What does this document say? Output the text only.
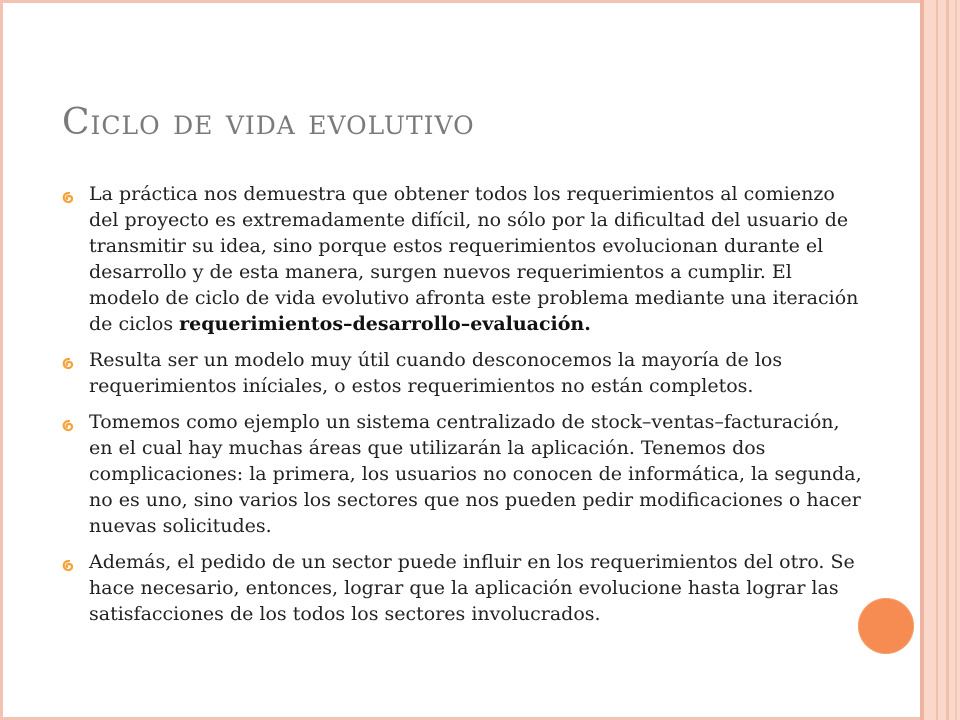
Ciclo de vida evolutivo
La práctica nos demuestra que obtener todos los requerimientos al comienzo del proyecto es extremadamente difícil, no sólo por la dificultad del usuario de transmitir su idea, sino porque estos requerimientos evolucionan durante el desarrollo y de esta manera, surgen nuevos requerimientos a cumplir. El modelo de ciclo de vida evolutivo afronta este problema mediante una iteración de ciclos requerimientos–desarrollo–evaluación.
Resulta ser un modelo muy útil cuando desconocemos la mayoría de los requerimientos iníciales, o estos requerimientos no están completos.
Tomemos como ejemplo un sistema centralizado de stock–ventas–facturación, en el cual hay muchas áreas que utilizarán la aplicación. Tenemos dos complicaciones: la primera, los usuarios no conocen de informática, la segunda, no es uno, sino varios los sectores que nos pueden pedir modificaciones o hacer nuevas solicitudes.
Además, el pedido de un sector puede influir en los requerimientos del otro. Se hace necesario, entonces, lograr que la aplicación evolucione hasta lograr las satisfacciones de los todos los sectores involucrados.
